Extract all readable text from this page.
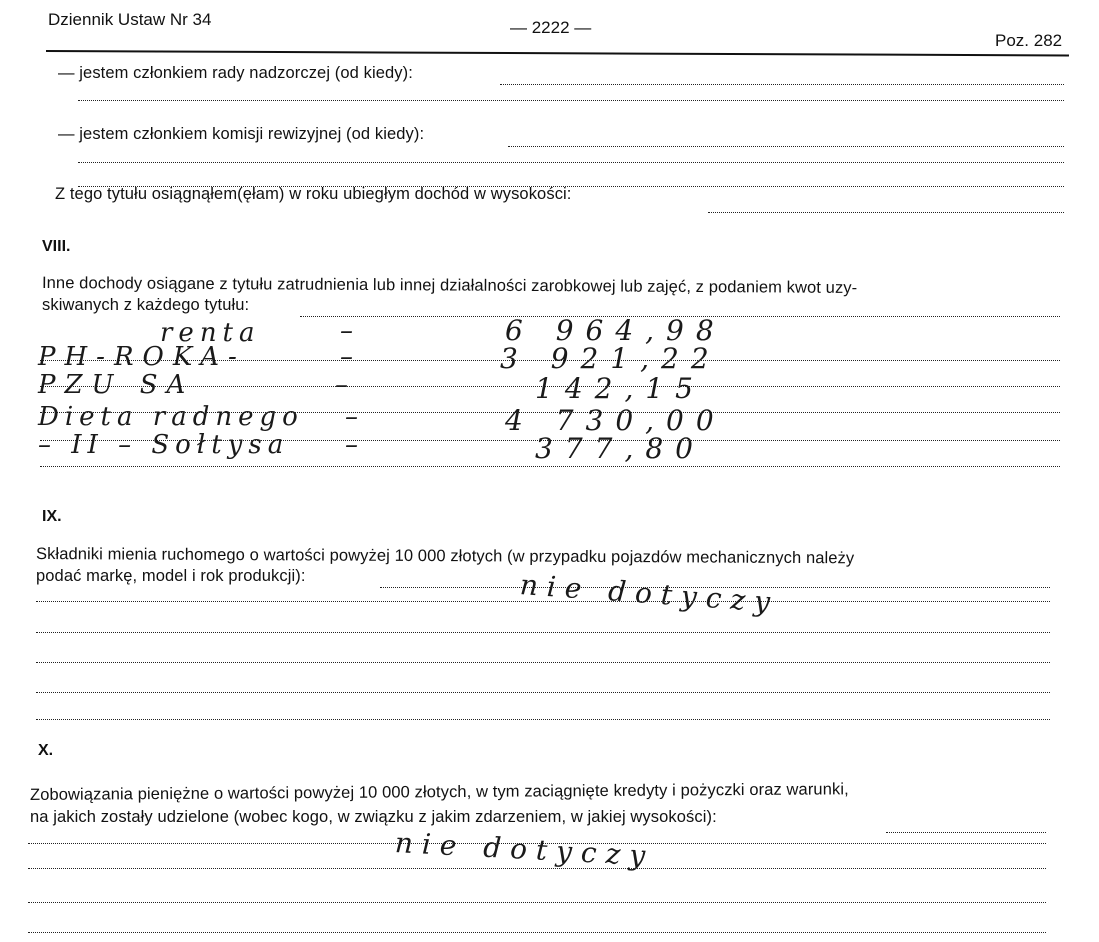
Dziennik Ustaw Nr 34	— 2222 —
Poz. 282
— jestem członkiem rady nadzorczej (od kiedy):
— jestem członkiem komisji rewizyjnej (od kiedy):
Z tego tytułu osiągnąłem(ęłam) w roku ubiegłym dochód w wysokości:
VIII.
Inne dochody osiągane z tytułu zatrudnienia lub innej działalności zarobkowej lub zajęć, z podaniem kwot uzy-
skiwanych z każdego tytułu:
renta	–	6 964,98
PH-ROKA-	–	3 921,22
PZU SA	–	142,15
Dieta radnego –	4 730,00
– II – Sołtysa –	377,80
IX.
Składniki mienia ruchomego o wartości powyżej 10 000 złotych (w przypadku pojazdów mechanicznych należy
podać markę, model i rok produkcji):	nie dotyczy
X.
Zobowiązania pieniężne o wartości powyżej 10 000 złotych, w tym zaciągnięte kredyty i pożyczki oraz warunki,
na jakich zostały udzielone (wobec kogo, w związku z jakim zdarzeniem, w jakiej wysokości):
nie dotyczy
